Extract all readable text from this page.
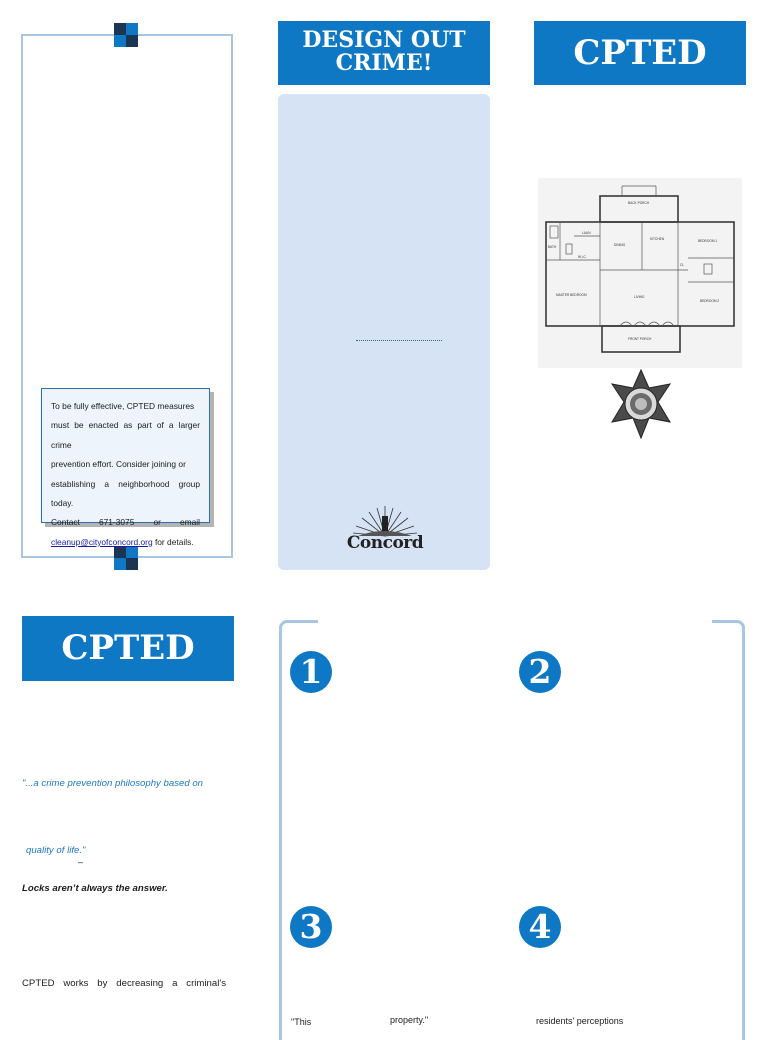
To be fully effective, CPTED measures
must be enacted as part of a larger crime
prevention effort. Consider joining or
establishing a neighborhood group today.
Contact 671-3075 or email
cleanup@cityofconcord.org for details.
DESIGN OUT
CRIME!
Concord
CPTED
BACK PORCH
KITCHEN
DINING
BATH
MASTER BEDROOM	LIVING
BEDROOM 1
BEDROOM 2
FRONT PORCH
CL
W.I.C.
LAUN
CPTED
"...a crime prevention philosophy based on
quality of life."
–
Locks aren’t always the answer.
CPTED works by decreasing a criminal's
1	2
3	4
"This	property."	residents' perceptions
